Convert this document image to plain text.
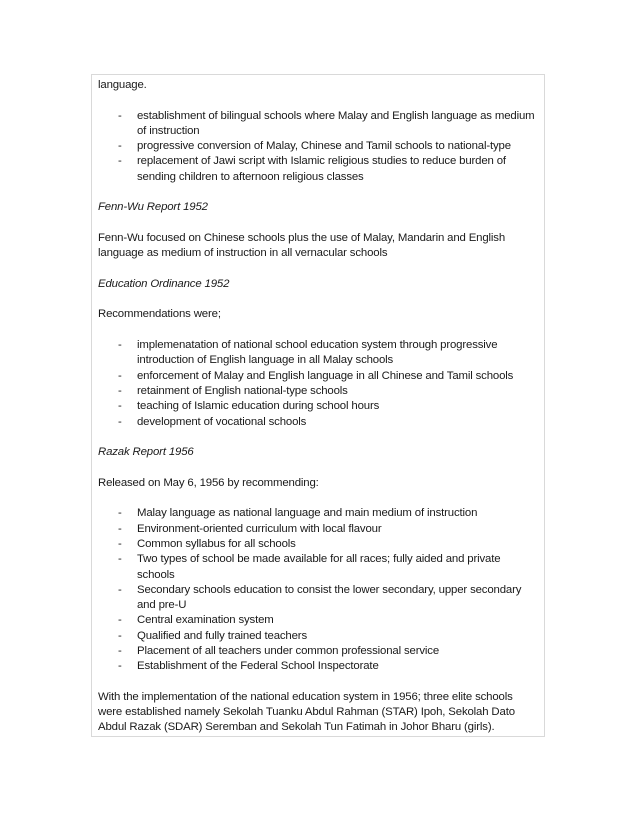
language.

- establishment of bilingual schools where Malay and English language as medium of instruction
- progressive conversion of Malay, Chinese and Tamil schools to national-type
- replacement of Jawi script with Islamic religious studies to reduce burden of sending children to afternoon religious classes

Fenn-Wu Report 1952

Fenn-Wu focused on Chinese schools plus the use of Malay, Mandarin and English language as medium of instruction in all vernacular schools

Education Ordinance 1952

Recommendations were;

- implemenatation of national school education system through progressive introduction of English language in all Malay schools
- enforcement of Malay and English language in all Chinese and Tamil schools
- retainment of English national-type schools
- teaching of Islamic education during school hours
- development of vocational schools

Razak Report 1956

Released on May 6, 1956 by recommending:

- Malay language as national language and main medium of instruction
- Environment-oriented curriculum with local flavour
- Common syllabus for all schools
- Two types of school be made available for all races; fully aided and private schools
- Secondary schools education to consist the lower secondary, upper secondary and pre-U
- Central examination system
- Qualified and fully trained teachers
- Placement of all teachers under common professional service
- Establishment of the Federal School Inspectorate

With the implementation of the national education system in 1956; three elite schools were established namely Sekolah Tuanku Abdul Rahman (STAR) Ipoh, Sekolah Dato Abdul Razak (SDAR) Seremban and Sekolah Tun Fatimah in Johor Bharu (girls).
